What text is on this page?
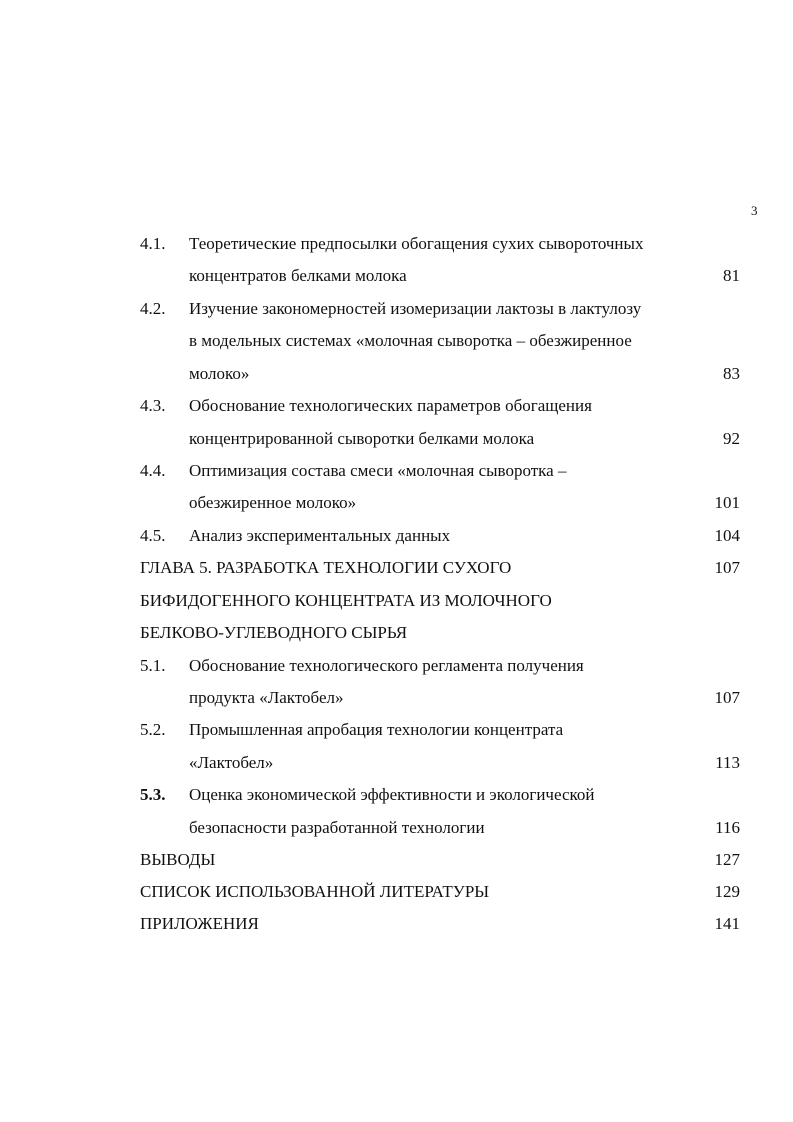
3
4.1. Теоретические предпосылки обогащения сухих сывороточных
концентратов белками молока	81
4.2. Изучение закономерностей изомеризации лактозы в лактулозу
в модельных системах «молочная сыворотка – обезжиренное
молоко»	83
4.3. Обоснование технологических параметров обогащения
концентрированной сыворотки белками молока	92
4.4. Оптимизация состава смеси «молочная сыворотка –
обезжиренное молоко»	101
4.5. Анализ экспериментальных данных	104
ГЛАВА 5. РАЗРАБОТКА ТЕХНОЛОГИИ СУХОГО	107
БИФИДОГЕННОГО КОНЦЕНТРАТА ИЗ МОЛОЧНОГО
БЕЛКОВО-УГЛЕВОДНОГО СЫРЬЯ
5.1. Обоснование технологического регламента получения
продукта «Лактобел»	107
5.2. Промышленная апробация технологии концентрата
«Лактобел»	113
5.3. Оценка экономической эффективности и экологической
безопасности разработанной технологии	116
ВЫВОДЫ	127
СПИСОК ИСПОЛЬЗОВАННОЙ ЛИТЕРАТУРЫ	129
ПРИЛОЖЕНИЯ	141
